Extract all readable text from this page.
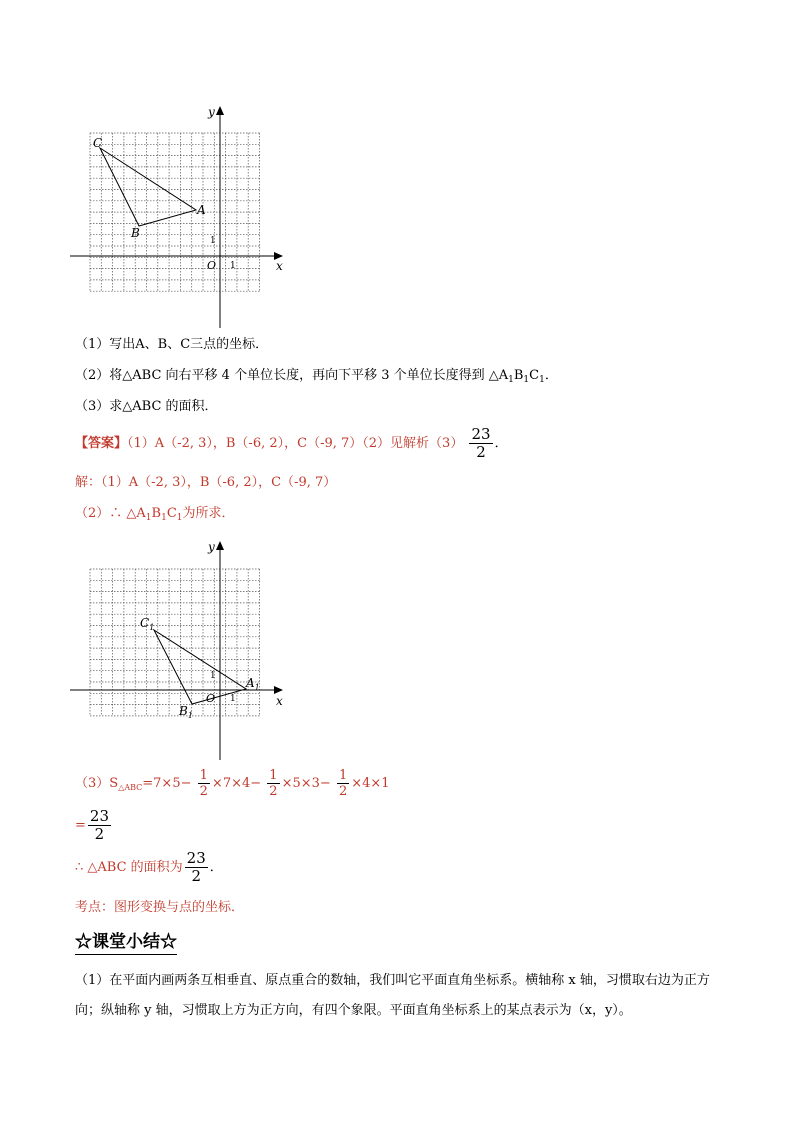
y
x
O 1
1
C
A
B
（1）写出A、B、C三点的坐标．
（2）将△ABC 向右平移 4 个单位长度，再向下平移 3 个单位长度得到 $\triangle A_1B_1C_1$．
（3）求△ABC 的面积．
【答案】（1）A（-2, 3），B（-6, 2），C（-9, 7）（2）见解析$(3) \frac{23}{2}$ ．
解：（1）A（-2, 3），B（-6, 2），C（-9, 7）
（2）∴ $\triangle A_1B_1C_1$为所求．
y
x
O 1
1
$C_1$
$A_1$
$B_1$
$(3)S_{\triangle ABC}=7\times 5- \frac{1}{2} \times 7\times 4- \frac{1}{2} \times 5\times 3- \frac{1}{2} \times 4\times 1$
= $\frac{23}{2}$
∴ △ABC 的面积为 $\frac{23}{2}$ ．
考点：图形变换与点的坐标．
☆课堂小结☆
（1）在平面内画两条互相垂直、原点重合的数轴，我们叫它平面直角坐标系。横轴称 x 轴，习惯取右边为正方向；纵轴称 y 轴，习惯取上方为正方向，有四个象限。平面直角坐标系上的某点表示为（x，y）。
